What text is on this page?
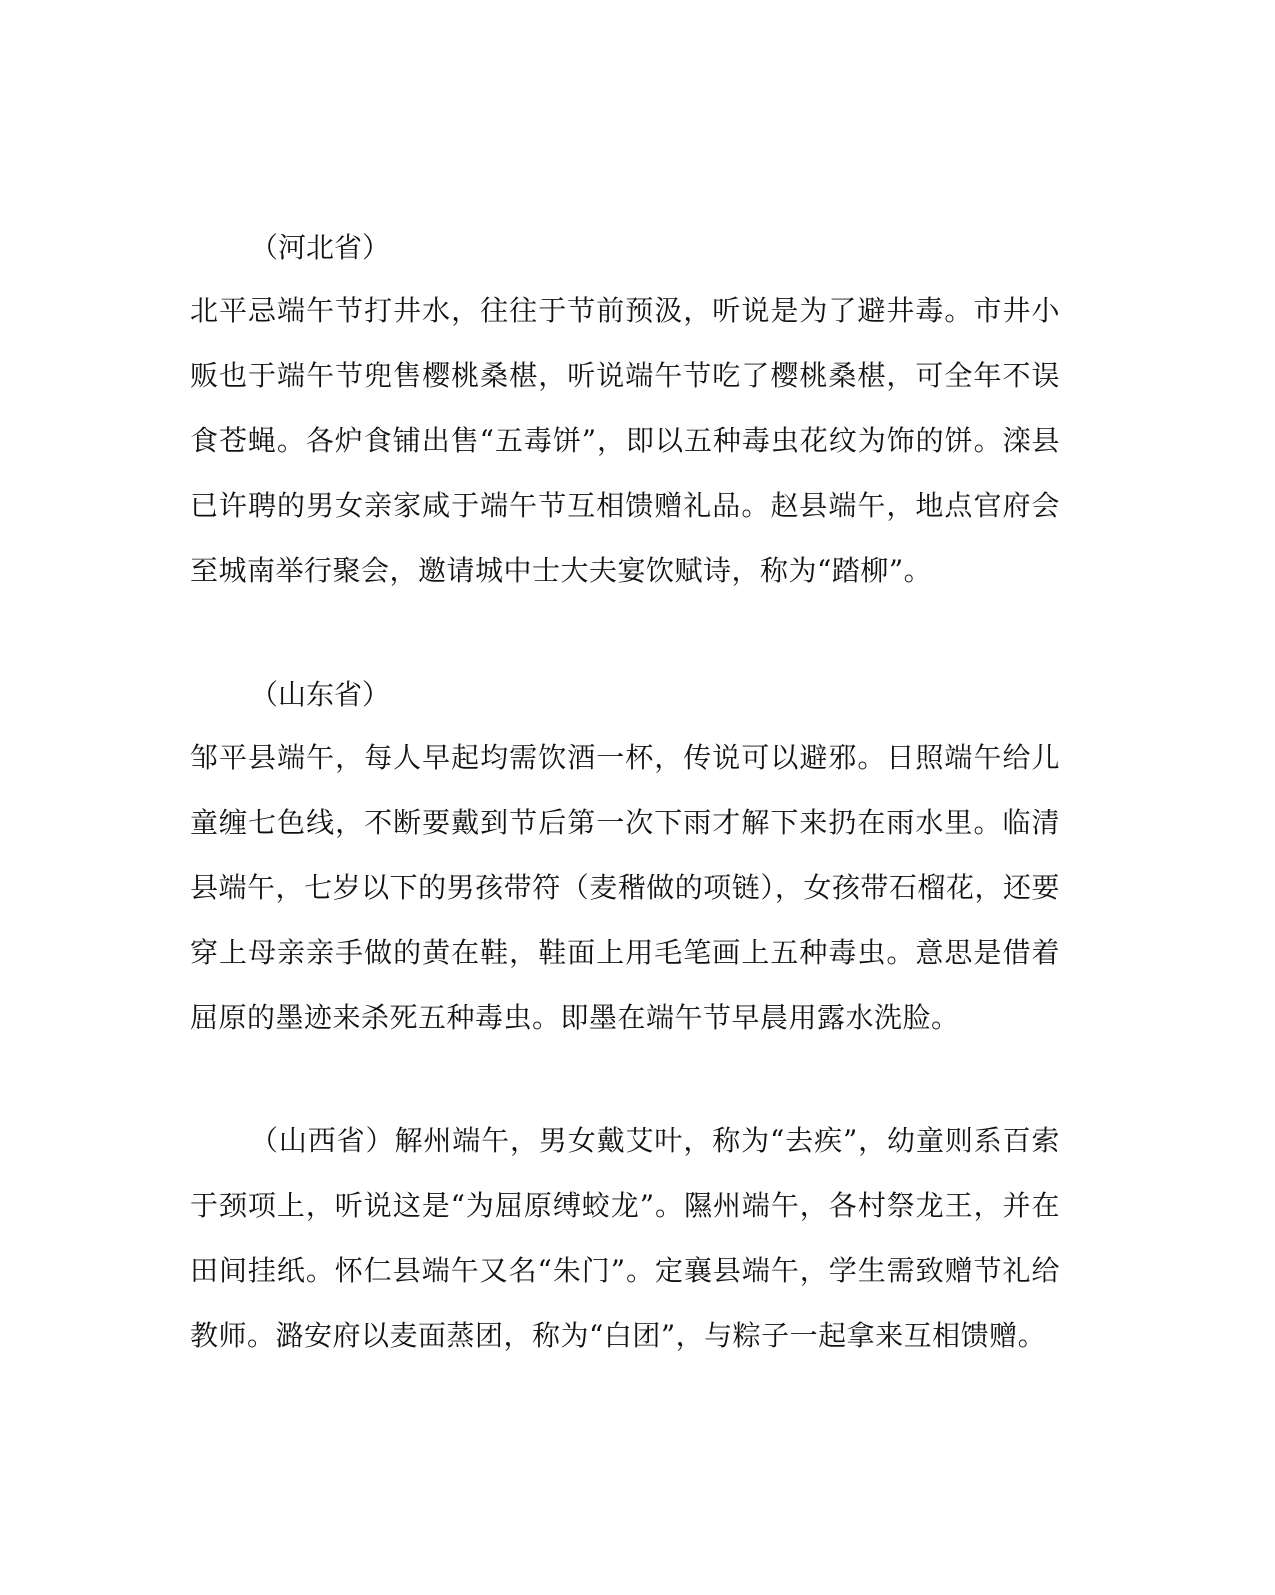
（河北省）

北平忌端午节打井水，往往于节前预汲，听说是为了避井毒。市井小贩也于端午节兜售樱桃桑椹，听说端午节吃了樱桃桑椹，可全年不误食苍蝇。各炉食铺出售“五毒饼”，即以五种毒虫花纹为饰的饼。滦县已许聘的男女亲家咸于端午节互相馈赠礼品。赵县端午，地点官府会至城南举行聚会，邀请城中士大夫宴饮赋诗，称为“踏柳”。

（山东省）

邹平县端午，每人早起均需饮酒一杯，传说可以避邪。日照端午给儿童缠七色线，不断要戴到节后第一次下雨才解下来扔在雨水里。临清县端午，七岁以下的男孩带符（麦稭做的项链），女孩带石榴花，还要穿上母亲亲手做的黄在鞋，鞋面上用毛笔画上五种毒虫。意思是借着屈原的墨迹来杀死五种毒虫。即墨在端午节早晨用露水洗脸。

（山西省）解州端午，男女戴艾叶，称为“去疾”，幼童则系百索于颈项上，听说这是“为屈原缚蛟龙”。隰州端午，各村祭龙王，并在田间挂纸。怀仁县端午又名“朱门”。定襄县端午，学生需致赠节礼给教师。潞安府以麦面蒸团，称为“白团”，与粽子一起拿来互相馈赠。
